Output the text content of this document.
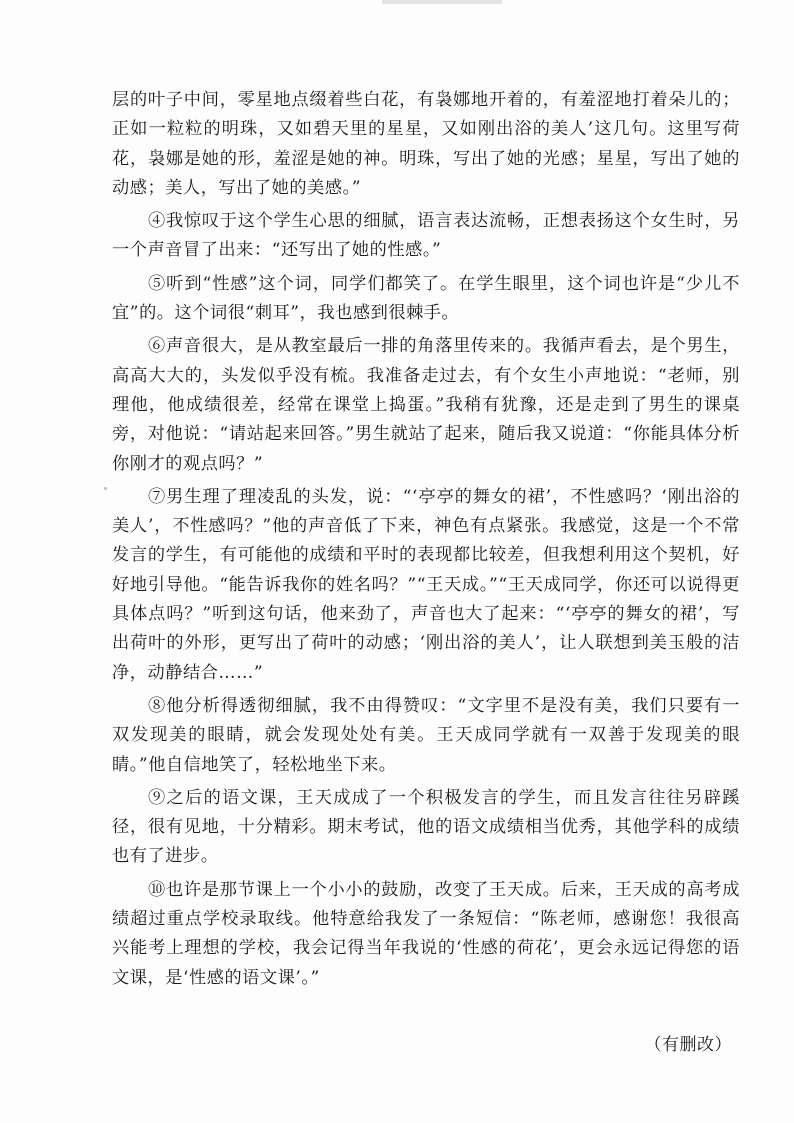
层的叶子中间，零星地点缀着些白花，有袅娜地开着的，有羞涩地打着朵儿的；正如一粒粒的明珠，又如碧天里的星星，又如刚出浴的美人’这几句。这里写荷花，袅娜是她的形，羞涩是她的神。明珠，写出了她的光感；星星，写出了她的动感；美人，写出了她的美感。”

④我惊叹于这个学生心思的细腻，语言表达流畅，正想表扬这个女生时，另一个声音冒了出来：“还写出了她的性感。”

⑤听到“性感”这个词，同学们都笑了。在学生眼里，这个词也许是“少儿不宜”的。这个词很“刺耳”，我也感到很棘手。

⑥声音很大，是从教室最后一排的角落里传来的。我循声看去，是个男生，高高大大的，头发似乎没有梳。我准备走过去，有个女生小声地说：“老师，别理他，他成绩很差，经常在课堂上捣蛋。”我稍有犹豫，还是走到了男生的课桌旁，对他说：“请站起来回答。”男生就站了起来，随后我又说道：“你能具体分析你刚才的观点吗？”

⑦男生理了理凌乱的头发，说：“‘亭亭的舞女的裙’，不性感吗？‘刚出浴的美人’，不性感吗？”他的声音低了下来，神色有点紧张。我感觉，这是一个不常发言的学生，有可能他的成绩和平时的表现都比较差，但我想利用这个契机，好好地引导他。“能告诉我你的姓名吗？”“王天成。”“王天成同学，你还可以说得更具体点吗？”听到这句话，他来劲了，声音也大了起来：“‘亭亭的舞女的裙’，写出荷叶的外形，更写出了荷叶的动感；‘刚出浴的美人’，让人联想到美玉般的洁净，动静结合……”

⑧他分析得透彻细腻，我不由得赞叹：“文字里不是没有美，我们只要有一双发现美的眼睛，就会发现处处有美。王天成同学就有一双善于发现美的眼睛。”他自信地笑了，轻松地坐下来。

⑨之后的语文课，王天成成了一个积极发言的学生，而且发言往往另辟蹊径，很有见地，十分精彩。期末考试，他的语文成绩相当优秀，其他学科的成绩也有了进步。

⑩也许是那节课上一个小小的鼓励，改变了王天成。后来，王天成的高考成绩超过重点学校录取线。他特意给我发了一条短信：“陈老师，感谢您！我很高兴能考上理想的学校，我会记得当年我说的‘性感的荷花’，更会永远记得您的语文课，是‘性感的语文课’。”

（有删改）
